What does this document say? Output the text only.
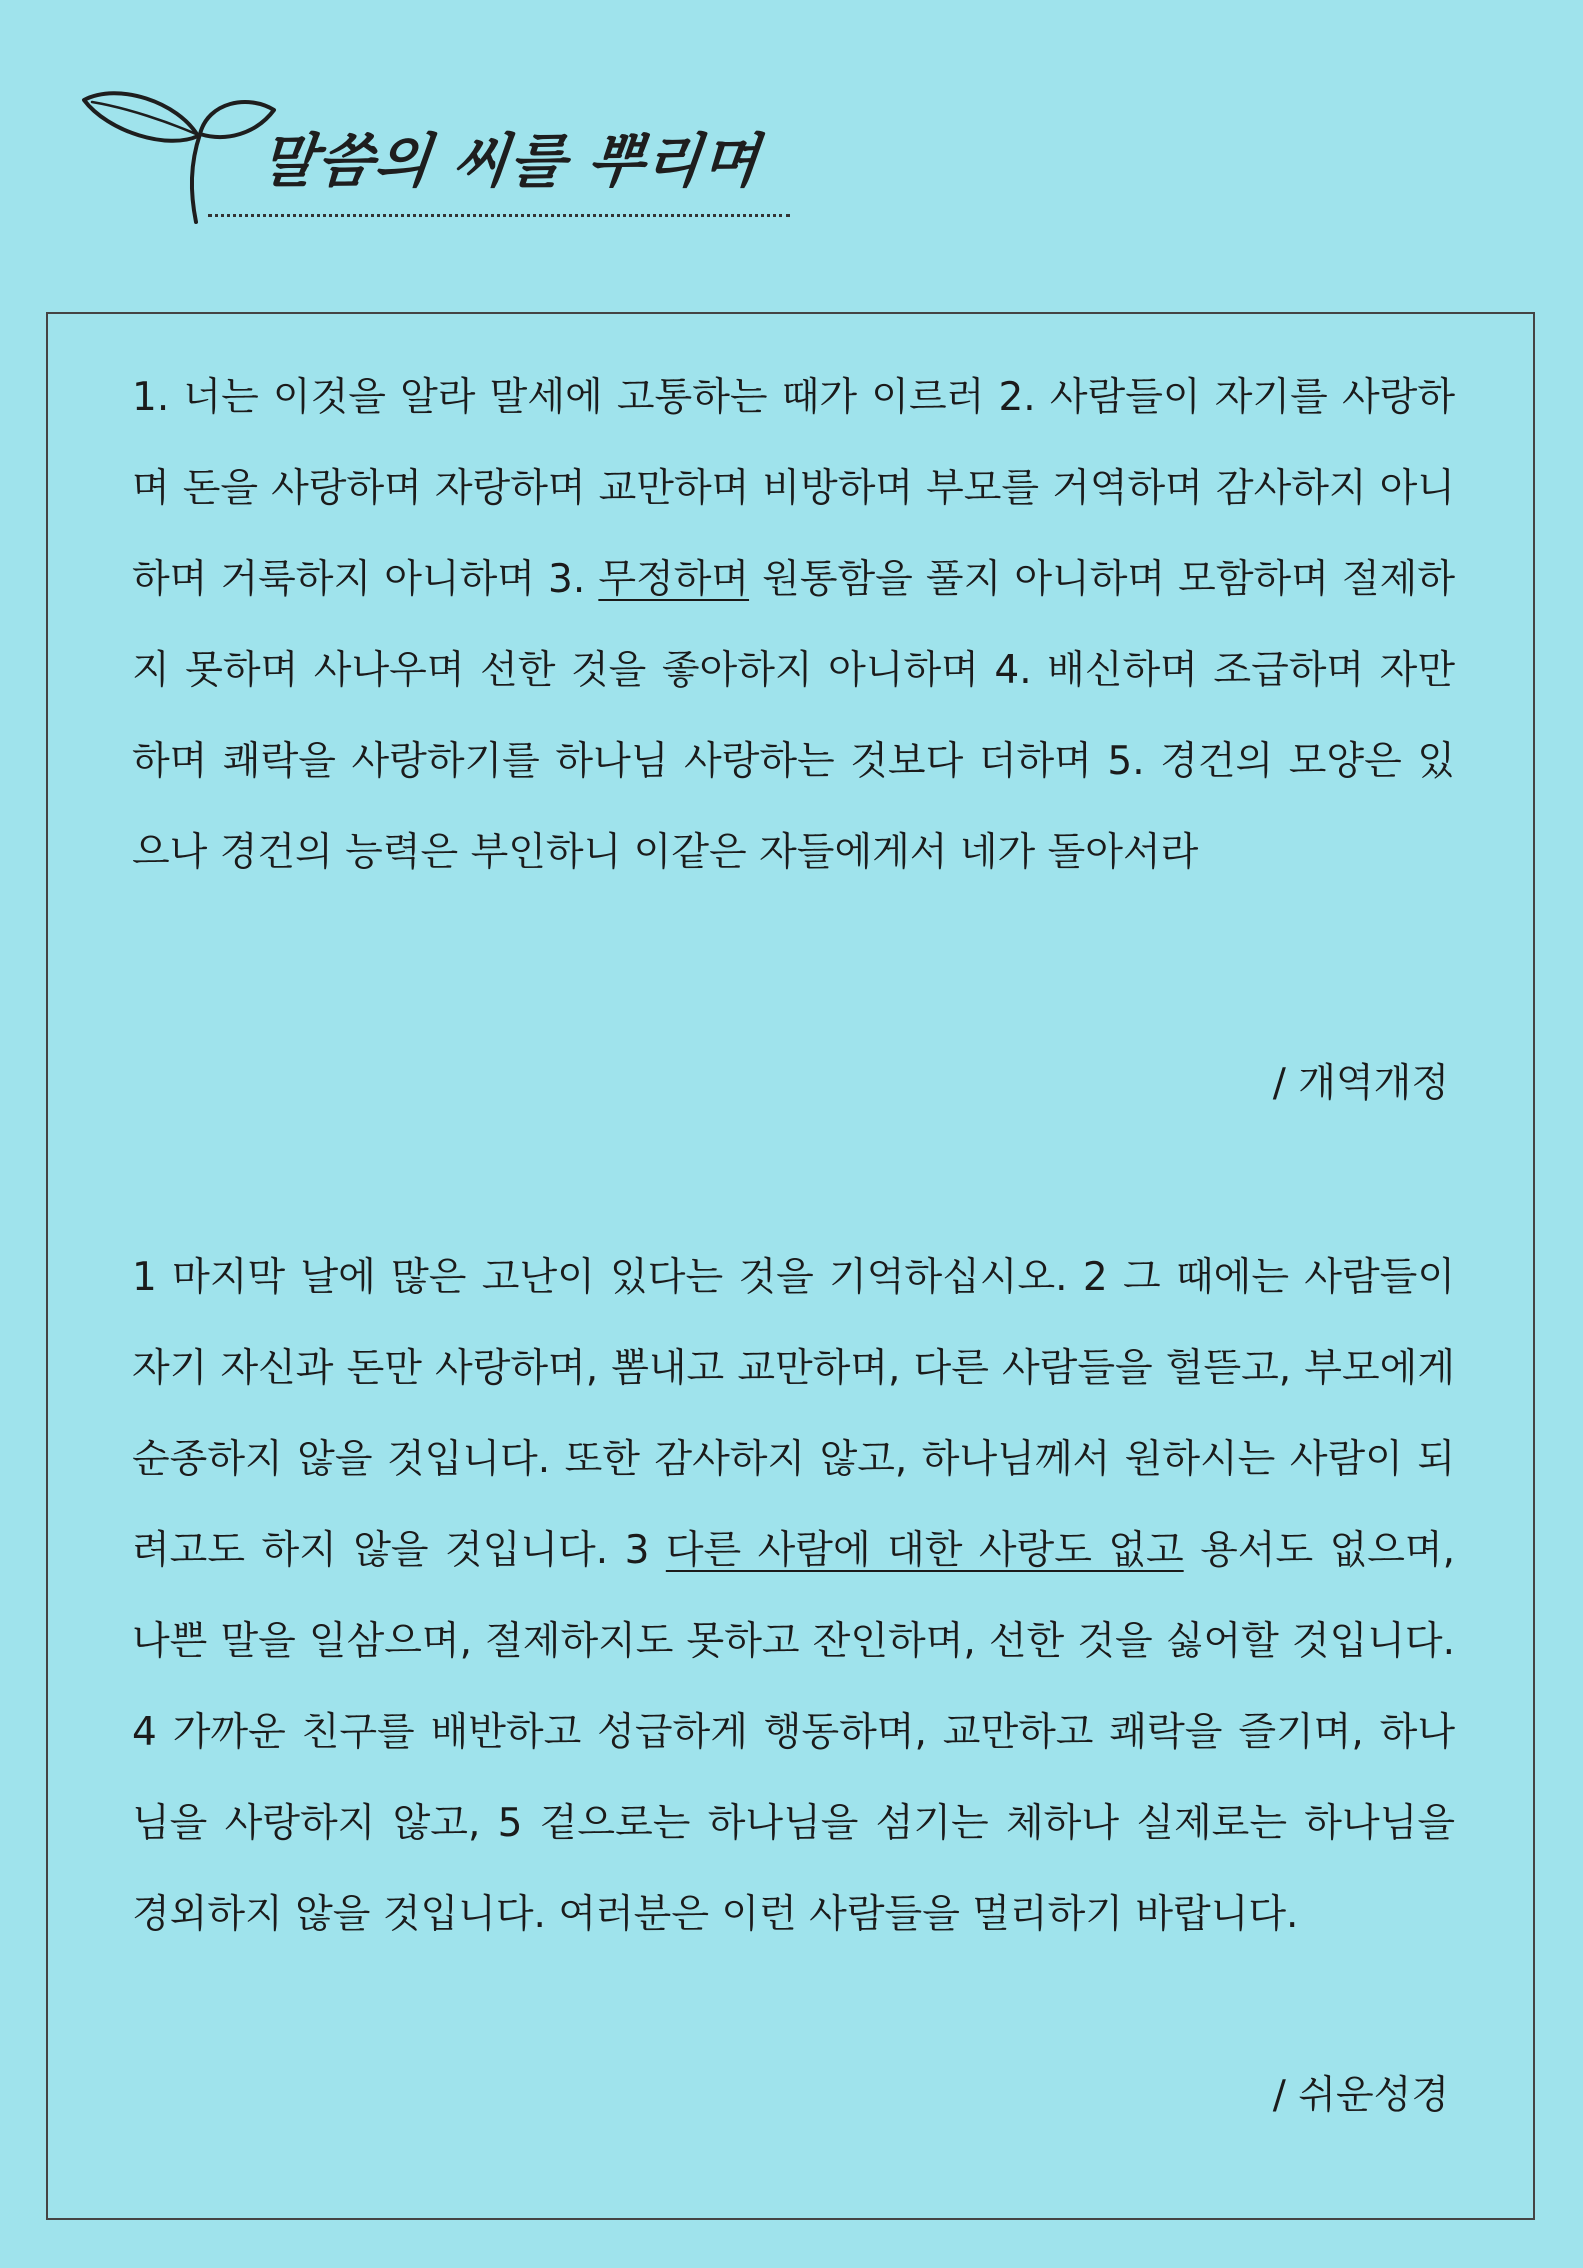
말씀의 씨를 뿌리며
1. 너는 이것을 알라 말세에 고통하는 때가 이르러 2. 사람들이 자기를 사랑하며 돈을 사랑하며 자랑하며 교만하며 비방하며 부모를 거역하며 감사하지 아니하며 거룩하지 아니하며 3. 무정하며 원통함을 풀지 아니하며 모함하며 절제하지 못하며 사나우며 선한 것을 좋아하지 아니하며 4. 배신하며 조급하며 자만하며 쾌락을 사랑하기를 하나님 사랑하는 것보다 더하며 5. 경건의 모양은 있으나 경건의 능력은 부인하니 이같은 자들에게서 네가 돌아서라
/ 개역개정
1 마지막 날에 많은 고난이 있다는 것을 기억하십시오. 2 그 때에는 사람들이 자기 자신과 돈만 사랑하며, 뽐내고 교만하며, 다른 사람들을 헐뜯고, 부모에게 순종하지 않을 것입니다. 또한 감사하지 않고, 하나님께서 원하시는 사람이 되려고도 하지 않을 것입니다. 3 다른 사람에 대한 사랑도 없고 용서도 없으며, 나쁜 말을 일삼으며, 절제하지도 못하고 잔인하며, 선한 것을 싫어할 것입니다. 4 가까운 친구를 배반하고 성급하게 행동하며, 교만하고 쾌락을 즐기며, 하나님을 사랑하지 않고, 5 겉으로는 하나님을 섬기는 체하나 실제로는 하나님을 경외하지 않을 것입니다. 여러분은 이런 사람들을 멀리하기 바랍니다.
/ 쉬운성경
